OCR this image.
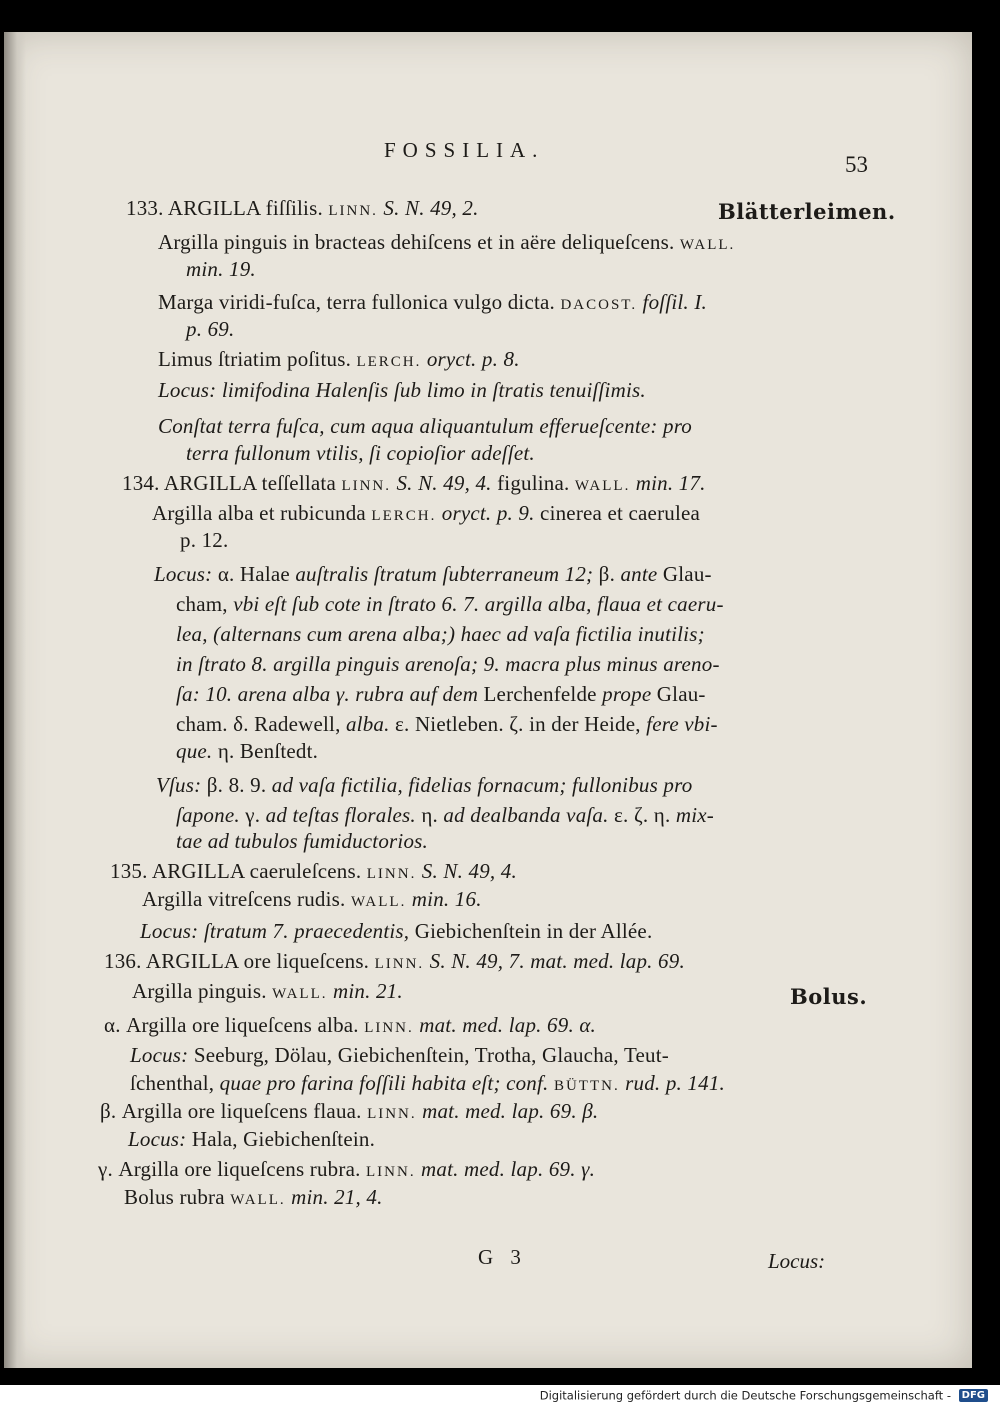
FOSSILIA.
53
133. ARGILLA fiſſilis. LINN. S. N. 49, 2.	Blätterleimen.
Argilla pinguis in bracteas dehiſcens et in aëre deliqueſcens. WALL.
min. 19.
Marga viridi-fuſca, terra fullonica vulgo dicta. DACOST. foſſil. I.
p. 69.
Limus ſtriatim poſitus. LERCH. oryct. p. 8.
Locus: limifodina Halenſis ſub limo in ſtratis tenuiſſimis.
Conſtat terra fuſca, cum aqua aliquantulum efferueſcente: pro
terra fullonum vtilis, ſi copioſior adeſſet.
134. ARGILLA teſſellata LINN. S. N. 49, 4. figulina. WALL. min. 17.
Argilla alba et rubicunda LERCH. oryct. p. 9. cinerea et caerulea
p. 12.
Locus: α. Halae auſtralis ſtratum ſubterraneum 12; β. ante Glau-
cham, vbi eſt ſub cote in ſtrato 6. 7. argilla alba, flaua et caeru-
lea, (alternans cum arena alba;) haec ad vaſa fictilia inutilis;
in ſtrato 8. argilla pinguis arenoſa; 9. macra plus minus areno-
ſa: 10. arena alba γ. rubra auf dem Lerchenfelde prope Glau-
cham. δ. Radewell, alba. ε. Nietleben. ζ. in der Heide, fere vbi-
que. η. Benſtedt.
Vſus: β. 8. 9. ad vaſa fictilia, fidelias fornacum; fullonibus pro
ſapone. γ. ad teſtas florales. η. ad dealbanda vaſa. ε. ζ. η. mix-
tae ad tubulos fumiductorios.
135. ARGILLA caeruleſcens. LINN. S. N. 49, 4.
Argilla vitreſcens rudis. WALL. min. 16.
Locus: ſtratum 7. praecedentis, Giebichenſtein in der Allée.
136. ARGILLA ore liqueſcens. LINN. S. N. 49, 7. mat. med. lap. 69.
Argilla pinguis. WALL. min. 21.	Bolus.
α. Argilla ore liqueſcens alba. LINN. mat. med. lap. 69. α.
Locus: Seeburg, Dölau, Giebichenſtein, Trotha, Glaucha, Teut-
ſchenthal, quae pro farina foſſili habita eſt; conf. BÜTTN. rud. p. 141.
β. Argilla ore liqueſcens flaua. LINN. mat. med. lap. 69. β.
Locus: Hala, Giebichenſtein.
γ. Argilla ore liqueſcens rubra. LINN. mat. med. lap. 69. γ.
Bolus rubra WALL. min. 21, 4.
G 3	Locus:
Digitalisierung gefördert durch die Deutsche Forschungsgemeinschaft - DFG
